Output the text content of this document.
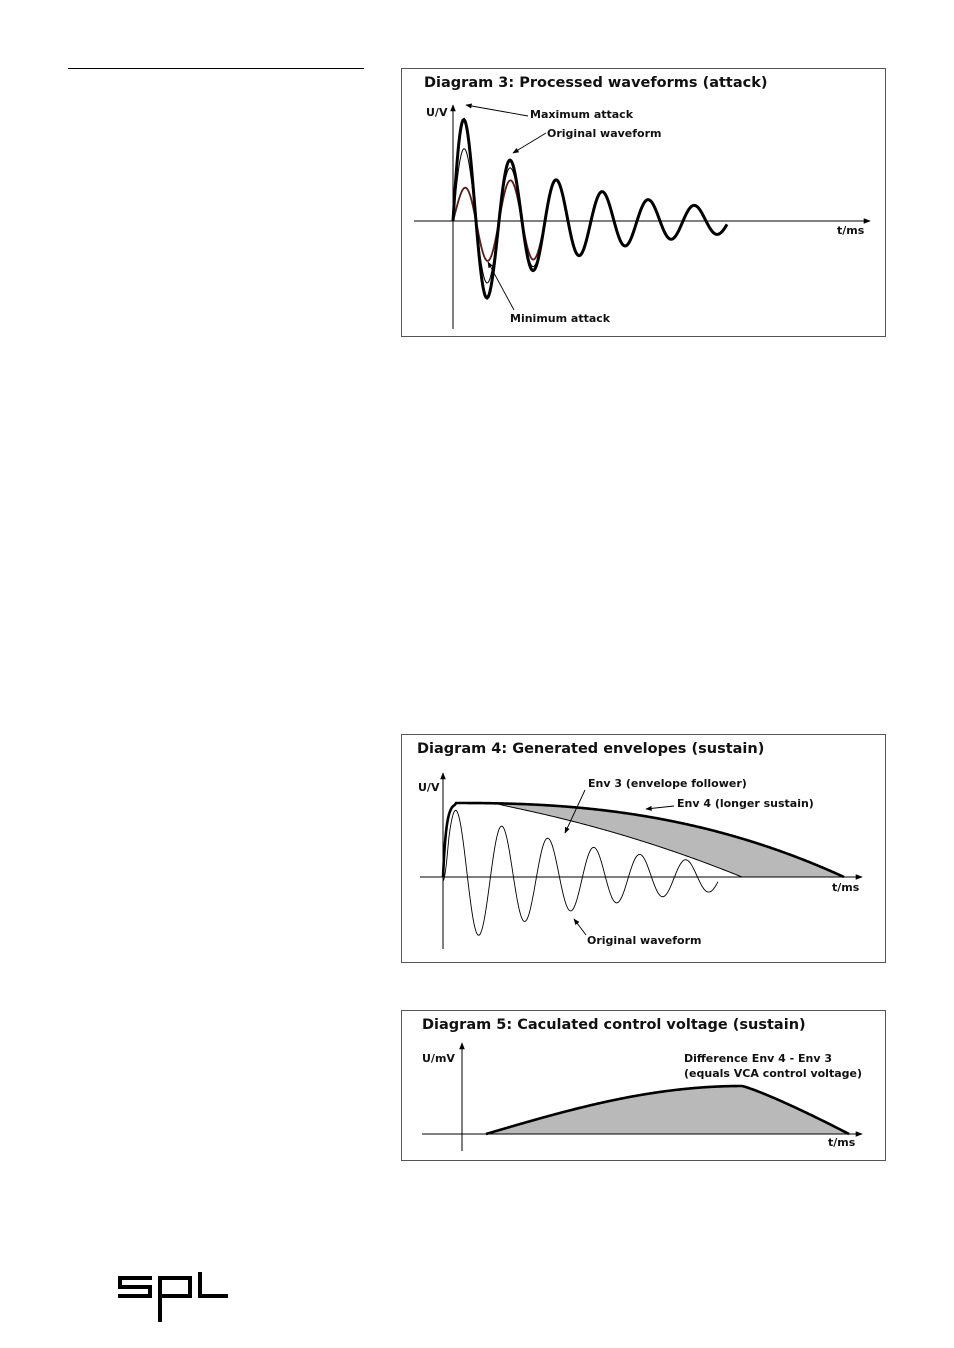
Diagram 3: Processed waveforms (attack)
U/V
t/ms
Maximum attack
Original waveform
Minimum attack
Diagram 4: Generated envelopes (sustain)
U/V
t/ms
Env 3 (envelope follower)
Env 4 (longer sustain)
Original waveform
Diagram 5: Caculated control voltage (sustain)
U/mV
t/ms
Difference Env 4 - Env 3
(equals VCA control voltage)
